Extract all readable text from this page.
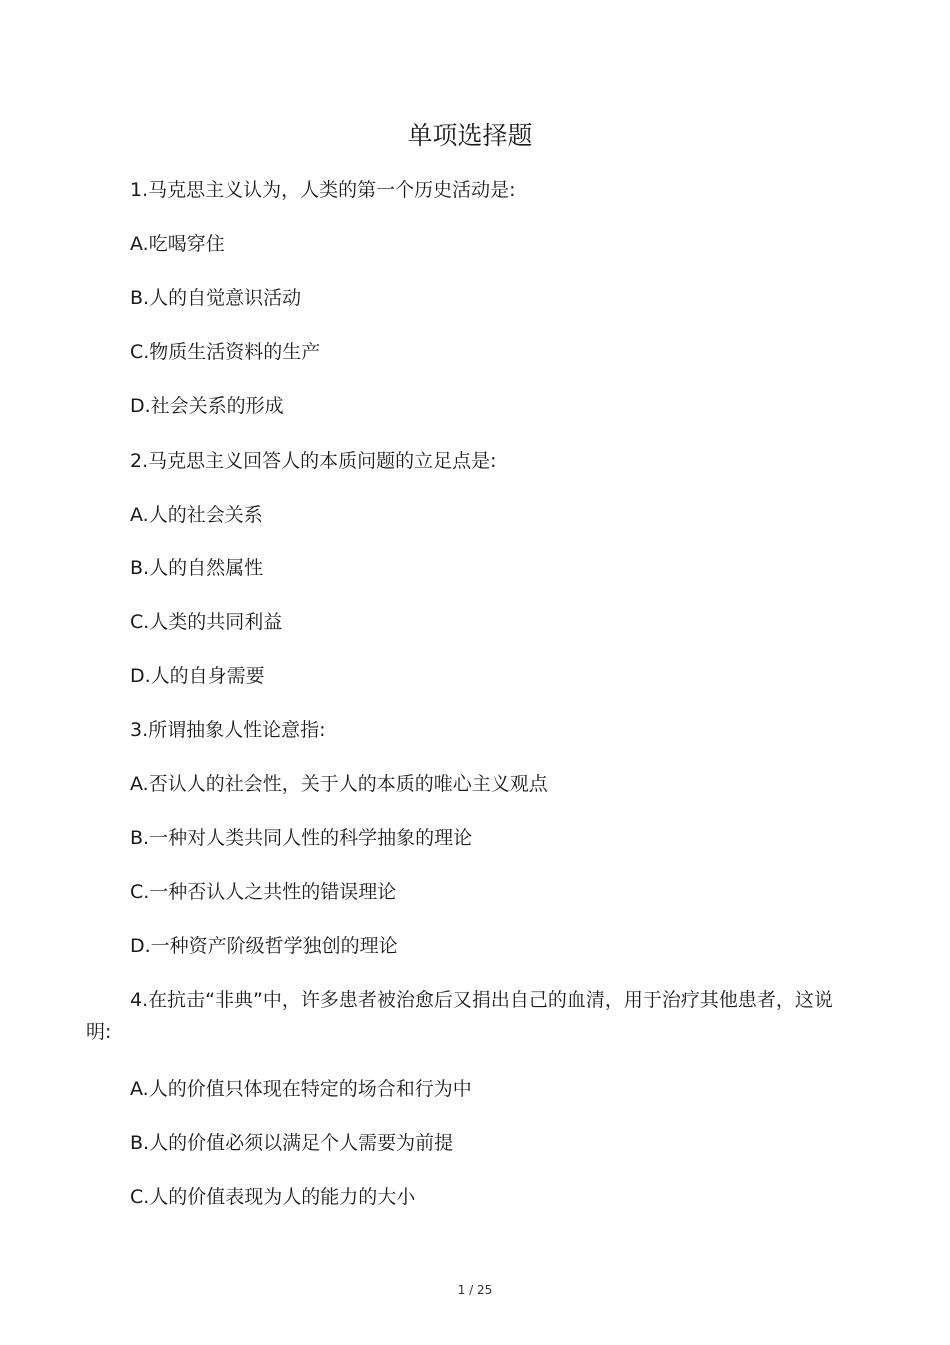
单项选择题
1.马克思主义认为，人类的第一个历史活动是:
A.吃喝穿住
B.人的自觉意识活动
C.物质生活资料的生产
D.社会关系的形成
2.马克思主义回答人的本质问题的立足点是:
A.人的社会关系
B.人的自然属性
C.人类的共同利益
D.人的自身需要
3.所谓抽象人性论意指:
A.否认人的社会性，关于人的本质的唯心主义观点
B.一种对人类共同人性的科学抽象的理论
C.一种否认人之共性的错误理论
D.一种资产阶级哲学独创的理论
4.在抗击“非典”中，许多患者被治愈后又捐出自己的血清，用于治疗其他患者，这说明:
A.人的价值只体现在特定的场合和行为中
B.人的价值必须以满足个人需要为前提
C.人的价值表现为人的能力的大小
1 / 25
